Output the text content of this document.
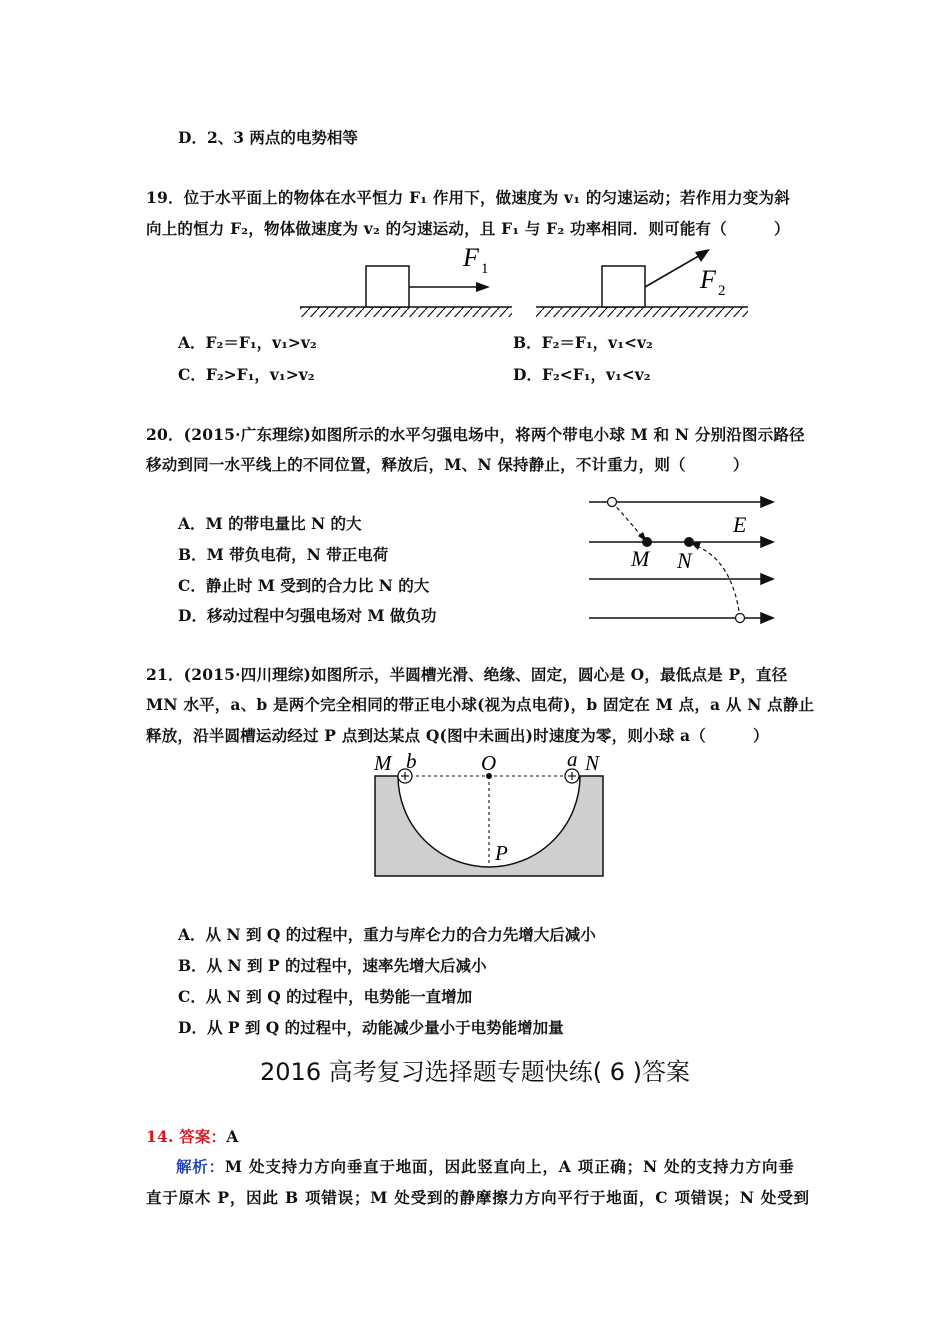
D．2、3 两点的电势相等
19．位于水平面上的物体在水平恒力 F₁ 作用下，做速度为 v₁ 的匀速运动；若作用力变为斜
向上的恒力 F₂，物体做速度为 v₂ 的匀速运动，且 F₁ 与 F₂ 功率相同．则可能有（　　　）
F 1	F 2
A．F₂＝F₁，v₁>v₂	B．F₂＝F₁，v₁<v₂
C．F₂>F₁，v₁>v₂	D．F₂<F₁，v₁<v₂
20．(2015·广东理综)如图所示的水平匀强电场中，将两个带电小球 M 和 N 分别沿图示路径
移动到同一水平线上的不同位置，释放后，M、N 保持静止，不计重力，则（　　　）
A．M 的带电量比 N 的大
B．M 带负电荷，N 带正电荷
C．静止时 M 受到的合力比 N 的大
D．移动过程中匀强电场对 M 做负功
E
M N
21．(2015·四川理综)如图所示，半圆槽光滑、绝缘、固定，圆心是 O，最低点是 P，直径
MN 水平，a、b 是两个完全相同的带正电小球(视为点电荷)，b 固定在 M 点，a 从 N 点静止
释放，沿半圆槽运动经过 P 点到达某点 Q(图中未画出)时速度为零，则小球 a（　　　）
M b	O	a N
P
A．从 N 到 Q 的过程中，重力与库仑力的合力先增大后减小
B．从 N 到 P 的过程中，速率先增大后减小
C．从 N 到 Q 的过程中，电势能一直增加
D．从 P 到 Q 的过程中，动能减少量小于电势能增加量
2016 高考复习选择题专题快练( 6 )答案
14. 答案：A
解析：M 处支持力方向垂直于地面，因此竖直向上，A 项正确；N 处的支持力方向垂
直于原木 P，因此 B 项错误；M 处受到的静摩擦力方向平行于地面，C 项错误；N 处受到
